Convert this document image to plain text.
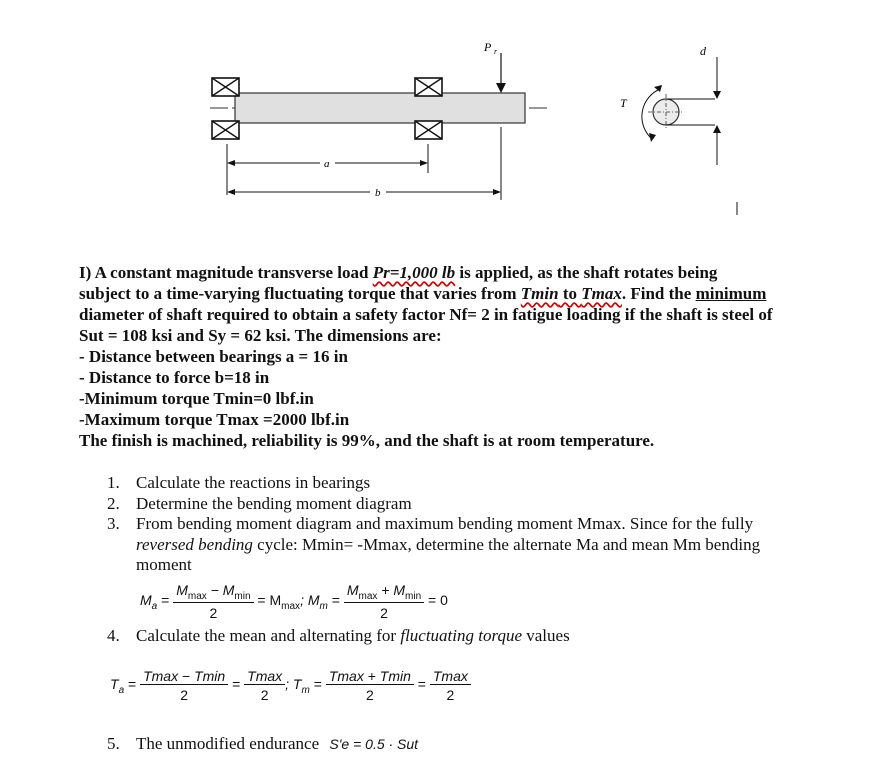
P r
a
b
T
d
I) A constant magnitude transverse load Pr=1,000 lb is applied, as the shaft rotates being
subject to a time-varying fluctuating torque that varies from Tmin to Tmax. Find the minimum
diameter of shaft required to obtain a safety factor Nf= 2 in fatigue loading if the shaft is steel of
Sut = 108 ksi and Sy = 62 ksi. The dimensions are:
- Distance between bearings a = 16 in
- Distance to force b=18 in
-Minimum torque Tmin=0 lbf.in
-Maximum torque Tmax =2000 lbf.in
The finish is machined, reliability is 99%, and the shaft is at room temperature.
1. Calculate the reactions in bearings
2. Determine the bending moment diagram
3. From bending moment diagram and maximum bending moment Mmax. Since for the fully
reversed bending cycle: Mmin= -Mmax, determine the alternate Ma and mean Mm bending
moment
$M_a = \frac{M_{max} - M_{min}}{2} = M_{max}$; $M_m = \frac{M_{max} + M_{min}}{2} = 0$
4. Calculate the mean and alternating for fluctuating torque values
$T_a = \frac{Tmax - Tmin}{2} = \frac{Tmax}{2}$ ; $T_m = \frac{Tmax + Tmin}{2} = \frac{Tmax}{2}$
5. The unmodified endurance S'e = 0.5 · Sut
